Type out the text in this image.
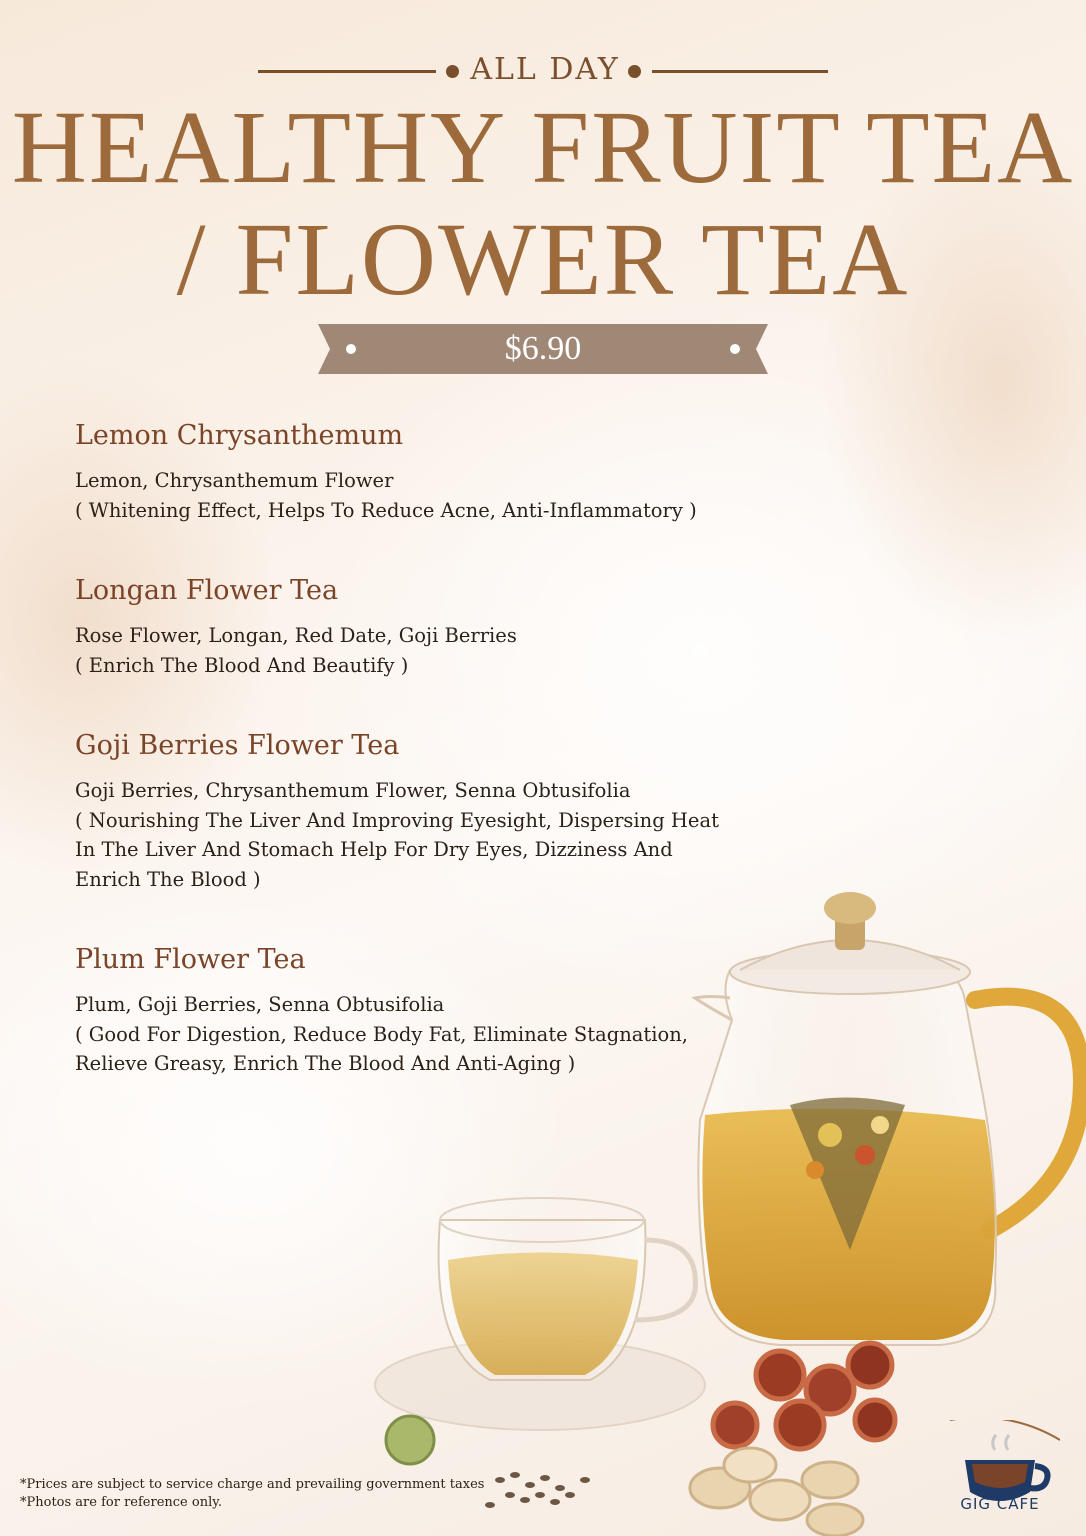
ALL DAY
HEALTHY FRUIT TEA
/ FLOWER TEA
$6.90
Lemon Chrysanthemum
Lemon, Chrysanthemum Flower
( Whitening Effect, Helps To Reduce Acne, Anti-Inflammatory )
Longan Flower Tea
Rose Flower, Longan, Red Date, Goji Berries
( Enrich The Blood And Beautify )
Goji Berries Flower Tea
Goji Berries, Chrysanthemum Flower, Senna Obtusifolia
( Nourishing The Liver And Improving Eyesight, Dispersing Heat
In The Liver And Stomach Help For Dry Eyes, Dizziness And
Enrich The Blood )
Plum Flower Tea
Plum, Goji Berries, Senna Obtusifolia
( Good For Digestion, Reduce Body Fat, Eliminate Stagnation,
Relieve Greasy, Enrich The Blood And Anti-Aging )
*Prices are subject to service charge and prevailing government taxes
*Photos are for reference only.	GIG CAFE
